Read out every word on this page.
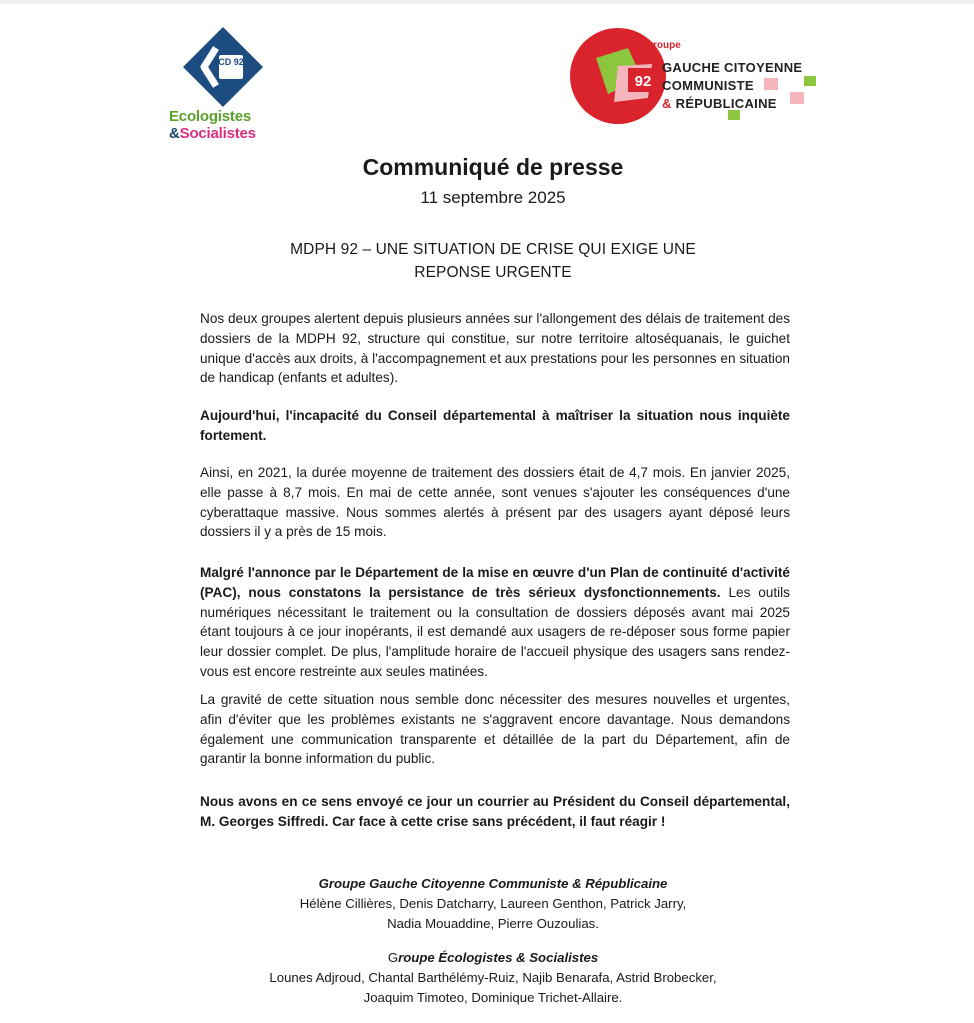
CD 92
Ecologistes
&Socialistes
92
roupe
GAUCHE CITOYENNE
COMMUNISTE
& RÉPUBLICAINE
Communiqué de presse
11 septembre 2025
MDPH 92 – UNE SITUATION DE CRISE QUI EXIGE UNE
REPONSE URGENTE
Nos deux groupes alertent depuis plusieurs années sur l'allongement des délais de traitement des dossiers de la MDPH 92, structure qui constitue, sur notre territoire altoséquanais, le guichet unique d'accès aux droits, à l'accompagnement et aux prestations pour les personnes en situation de handicap (enfants et adultes).
Aujourd'hui, l'incapacité du Conseil départemental à maîtriser la situation nous inquiète fortement.
Ainsi, en 2021, la durée moyenne de traitement des dossiers était de 4,7 mois. En janvier 2025, elle passe à 8,7 mois. En mai de cette année, sont venues s'ajouter les conséquences d'une cyberattaque massive. Nous sommes alertés à présent par des usagers ayant déposé leurs dossiers il y a près de 15 mois.
Malgré l'annonce par le Département de la mise en œuvre d'un Plan de continuité d'activité (PAC), nous constatons la persistance de très sérieux dysfonctionnements. Les outils numériques nécessitant le traitement ou la consultation de dossiers déposés avant mai 2025 étant toujours à ce jour inopérants, il est demandé aux usagers de re-déposer sous forme papier leur dossier complet. De plus, l'amplitude horaire de l'accueil physique des usagers sans rendez-vous est encore restreinte aux seules matinées.
La gravité de cette situation nous semble donc nécessiter des mesures nouvelles et urgentes, afin d'éviter que les problèmes existants ne s'aggravent encore davantage. Nous demandons également une communication transparente et détaillée de la part du Département, afin de garantir la bonne information du public.
Nous avons en ce sens envoyé ce jour un courrier au Président du Conseil départemental, M. Georges Siffredi. Car face à cette crise sans précédent, il faut réagir !
Groupe Gauche Citoyenne Communiste & Républicaine
Hélène Cillières, Denis Datcharry, Laureen Genthon, Patrick Jarry,
Nadia Mouaddine, Pierre Ouzoulias.
Groupe Écologistes & Socialistes
Lounes Adjroud, Chantal Barthélémy-Ruiz, Najib Benarafa, Astrid Brobecker,
Joaquim Timoteo, Dominique Trichet-Allaire.
